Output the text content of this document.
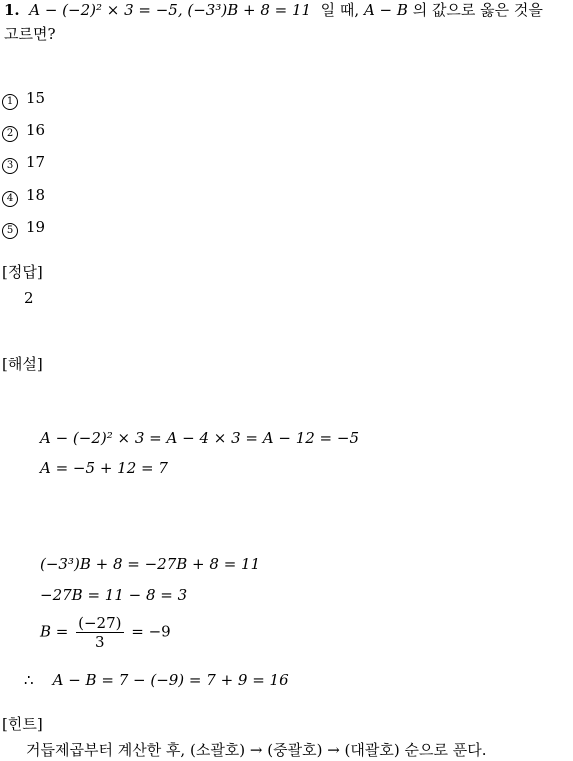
1. A − (−2)² × 3 = −5, (−3³)B + 8 = 11 일 때, A − B 의 값으로 옳은 것을
고르면?
1 15
2 16
3 17
4 18
5 19
[정답]
2
[해설]
A − (−2)² × 3 = A − 4 × 3 = A − 12 = −5
A = −5 + 12 = 7
(−3³)B + 8 = −27B + 8 = 11
−27B = 11 − 8 = 3
$B = \frac{(-27)}{3} = -9$
∴ A − B = 7 − (−9) = 7 + 9 = 16
[힌트]
거듭제곱부터 계산한 후, (소괄호) → (중괄호) → (대괄호) 순으로 푼다.
